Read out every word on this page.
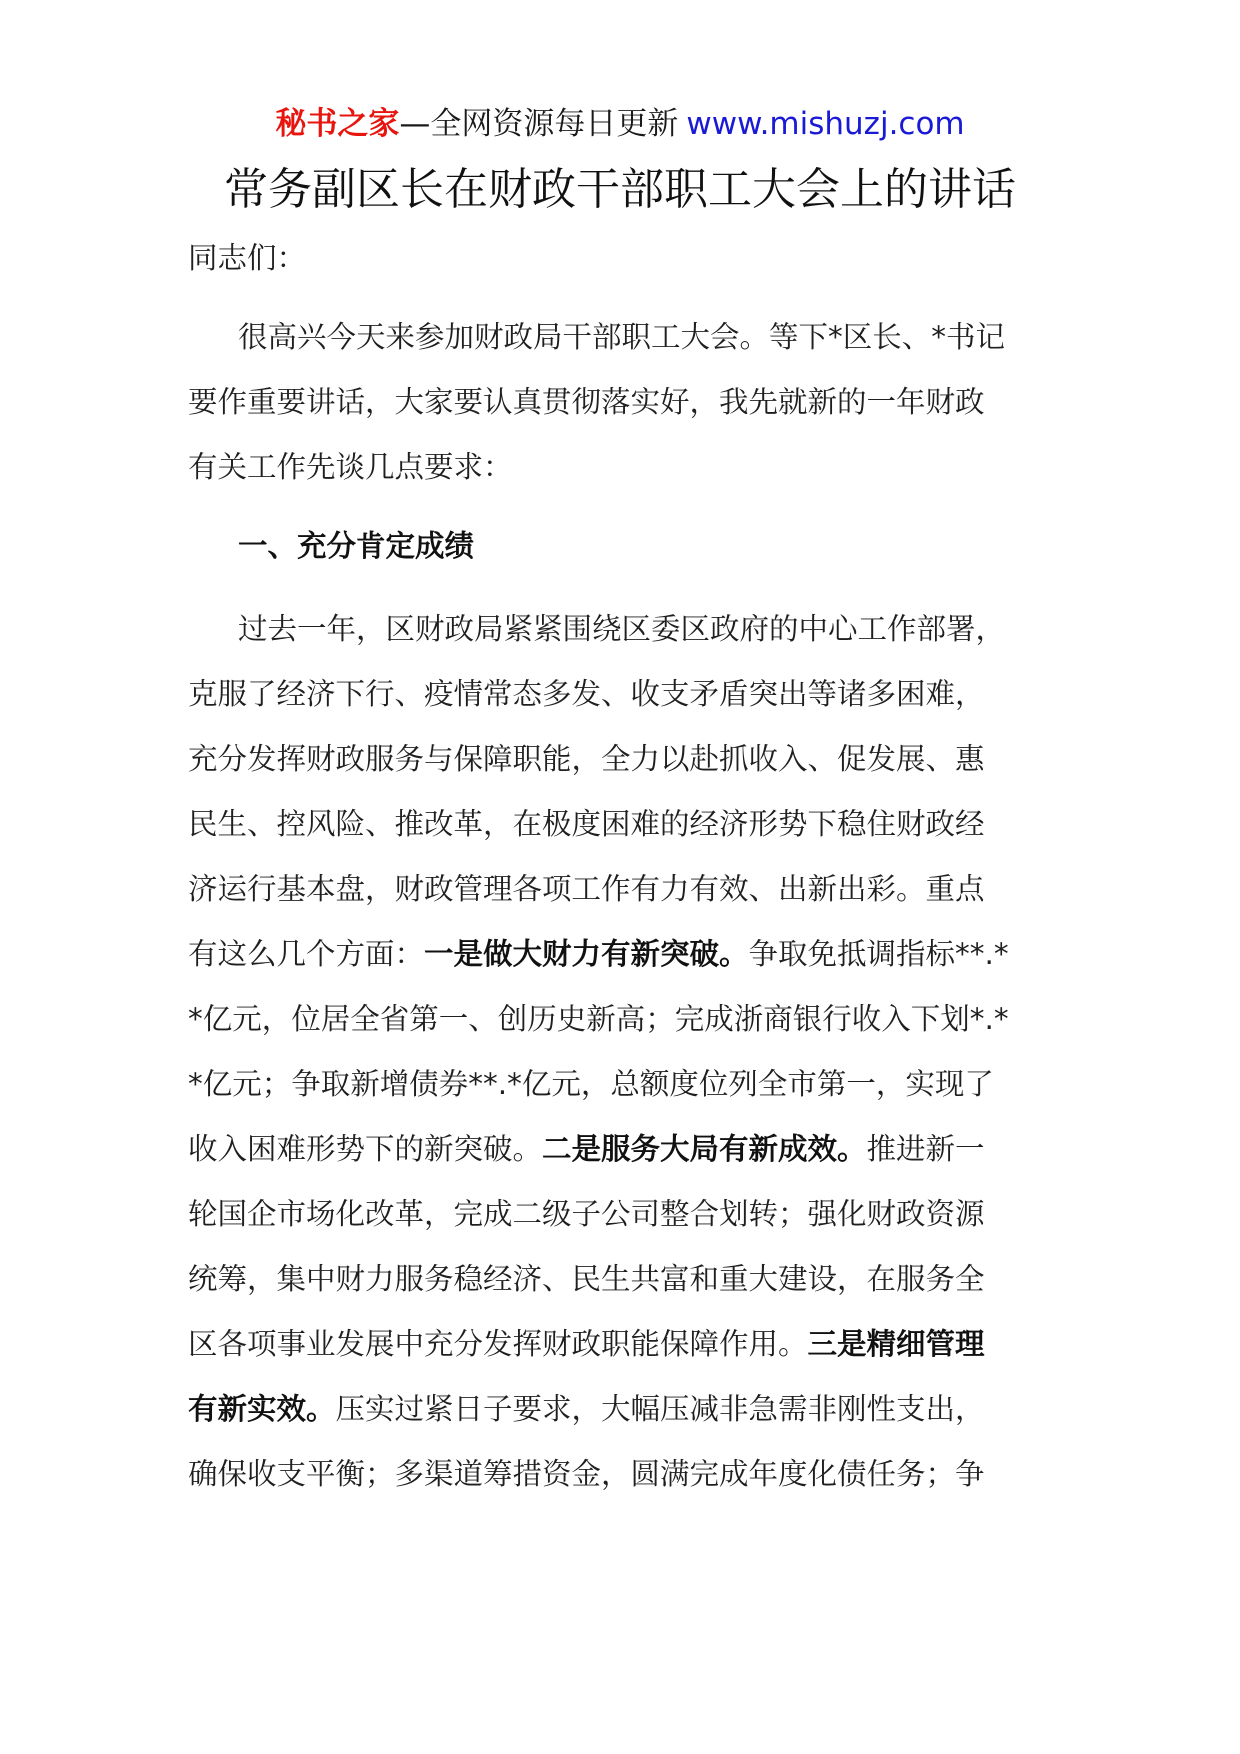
秘书之家—全网资源每日更新 www.mishuzj.com
常务副区长在财政干部职工大会上的讲话
同志们：
很高兴今天来参加财政局干部职工大会。等下*区长、*书记
要作重要讲话，大家要认真贯彻落实好，我先就新的一年财政
有关工作先谈几点要求：
一、充分肯定成绩
过去一年，区财政局紧紧围绕区委区政府的中心工作部署，
克服了经济下行、疫情常态多发、收支矛盾突出等诸多困难，
充分发挥财政服务与保障职能，全力以赴抓收入、促发展、惠
民生、控风险、推改革，在极度困难的经济形势下稳住财政经
济运行基本盘，财政管理各项工作有力有效、出新出彩。重点
有这么几个方面：一是做大财力有新突破。争取免抵调指标**.*
*亿元，位居全省第一、创历史新高；完成浙商银行收入下划*.*
*亿元；争取新增债券**.*亿元，总额度位列全市第一，实现了
收入困难形势下的新突破。二是服务大局有新成效。推进新一
轮国企市场化改革，完成二级子公司整合划转；强化财政资源
统筹，集中财力服务稳经济、民生共富和重大建设，在服务全
区各项事业发展中充分发挥财政职能保障作用。三是精细管理
有新实效。压实过紧日子要求，大幅压减非急需非刚性支出，
确保收支平衡；多渠道筹措资金，圆满完成年度化债任务；争
